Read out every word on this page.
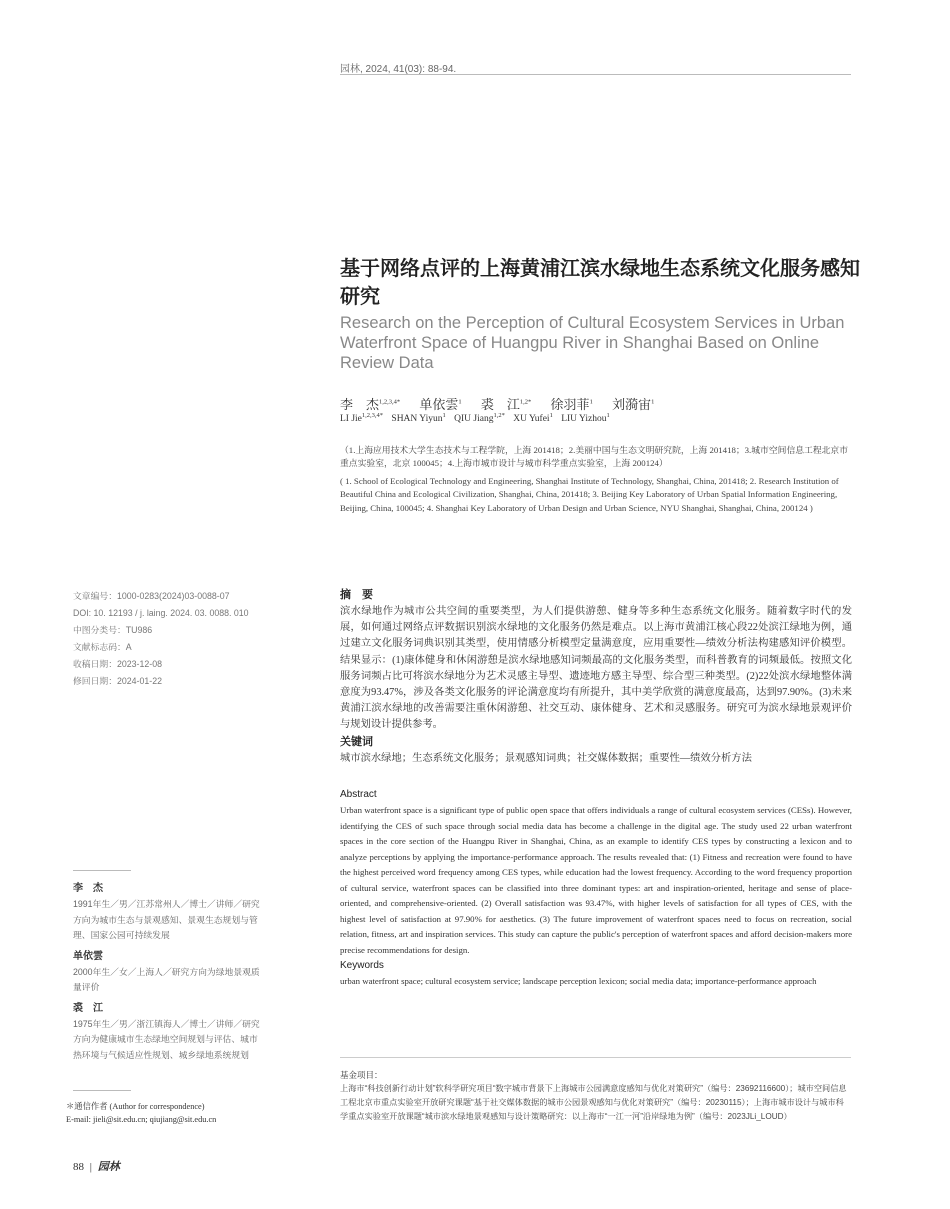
园林, 2024, 41(03): 88-94.
基于网络点评的上海黄浦江滨水绿地生态系统文化服务感知研究
Research on the Perception of Cultural Ecosystem Services in Urban Waterfront Space of Huangpu River in Shanghai Based on Online Review Data
李　杰$^{1,2,3,4*}$ 单依雲$^1$ 裘　江$^{1,2*}$ 徐羽菲$^1$ 刘漪宙$^1$
LI Jie$^{1,2,3,4*}$ SHAN Yiyun$^1$ QIU Jiang$^{1,2*}$ XU Yufei$^1$ LIU Yizhou$^1$
（1.上海应用技术大学生态技术与工程学院，上海 201418；2.美丽中国与生态文明研究院，上海 201418；3.城市空间信息工程北京市重点实验室，北京 100045；4.上海市城市设计与城市科学重点实验室，上海 200124）
( 1. School of Ecological Technology and Engineering, Shanghai Institute of Technology, Shanghai, China, 201418; 2. Research Institution of Beautiful China and Ecological Civilization, Shanghai, China, 201418; 3. Beijing Key Laboratory of Urban Spatial Information Engineering, Beijing, China, 100045; 4. Shanghai Key Laboratory of Urban Design and Urban Science, NYU Shanghai, Shanghai, China, 200124 )
文章编号：1000-0283(2024)03-0088-07
DOI: 10. 12193 / j. laing. 2024. 03. 0088. 010
中图分类号：TU986
文献标志码：A
收稿日期：2023-12-08
修回日期：2024-01-22
李　杰
1991年生／男／江苏常州人／博士／讲师／研究方向为城市生态与景观感知、景观生态规划与管理、国家公园可持续发展
单依雲
2000年生／女／上海人／研究方向为绿地景观质量评价
裘　江
1975年生／男／浙江镇海人／博士／讲师／研究方向为健康城市生态绿地空间规划与评估、城市热环境与气候适应性规划、城乡绿地系统规划
＊通信作者 (Author for correspondence)
E-mail: jieli@sit.edu.cn; qiujiang@sit.edu.cn
88 | 园林
摘　要
滨水绿地作为城市公共空间的重要类型，为人们提供游憩、健身等多种生态系统文化服务。随着数字时代的发展，如何通过网络点评数据识别滨水绿地的文化服务仍然是难点。以上海市黄浦江核心段22处滨江绿地为例，通过建立文化服务词典识别其类型，使用情感分析模型定量满意度，应用重要性—绩效分析法构建感知评价模型。结果显示：(1)康体健身和休闲游憩是滨水绿地感知词频最高的文化服务类型，而科普教育的词频最低。按照文化服务词频占比可将滨水绿地分为艺术灵感主导型、遗迹地方感主导型、综合型三种类型。(2)22处滨水绿地整体满意度为93.47%，涉及各类文化服务的评论满意度均有所提升，其中美学欣赏的满意度最高，达到97.90%。(3)未来黄浦江滨水绿地的改善需要注重休闲游憩、社交互动、康体健身、艺术和灵感服务。研究可为滨水绿地景观评价与规划设计提供参考。
关键词
城市滨水绿地；生态系统文化服务；景观感知词典；社交媒体数据；重要性—绩效分析方法
Abstract
Urban waterfront space is a significant type of public open space that offers individuals a range of cultural ecosystem services (CESs). However, identifying the CES of such space through social media data has become a challenge in the digital age. The study used 22 urban waterfront spaces in the core section of the Huangpu River in Shanghai, China, as an example to identify CES types by constructing a lexicon and to analyze perceptions by applying the importance-performance approach. The results revealed that: (1) Fitness and recreation were found to have the highest perceived word frequency among CES types, while education had the lowest frequency. According to the word frequency proportion of cultural service, waterfront spaces can be classified into three dominant types: art and inspiration-oriented, heritage and sense of place-oriented, and comprehensive-oriented. (2) Overall satisfaction was 93.47%, with higher levels of satisfaction for all types of CES, with the highest level of satisfaction at 97.90% for aesthetics. (3) The future improvement of waterfront spaces need to focus on recreation, social relation, fitness, art and inspiration services. This study can capture the public's perception of waterfront spaces and afford decision-makers more precise recommendations for design.
Keywords
urban waterfront space; cultural ecosystem service; landscape perception lexicon; social media data; importance-performance approach
基金项目：
上海市“科技创新行动计划”软科学研究项目“数字城市背景下上海城市公园满意度感知与优化对策研究”（编号：23692116600）；城市空间信息工程北京市重点实验室开放研究课题“基于社交媒体数据的城市公园景观感知与优化对策研究”（编号：20230115）；上海市城市设计与城市科学重点实验室开放课题“城市滨水绿地景观感知与设计策略研究：以上海市“一江一河”沿岸绿地为例”（编号：2023JLi_LOUD）
